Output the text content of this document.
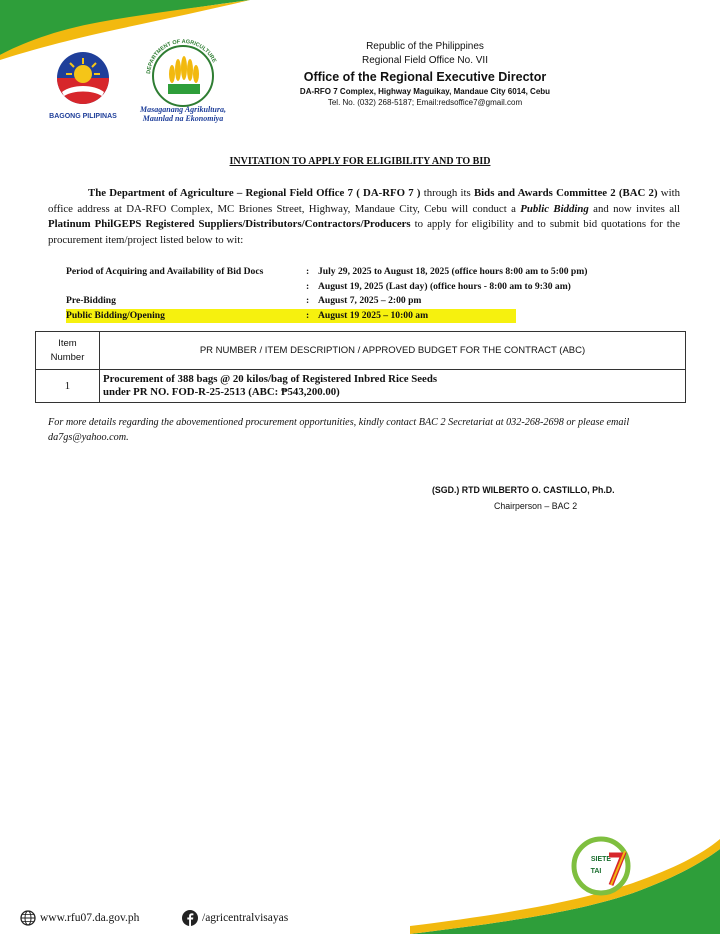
BAGONG PILIPINAS
DEPARTMENT OF AGRICULTURE
Masaganang Agrikultura,
Maunlad na Ekonomiya
Republic of the Philippines
Regional Field Office No. VII
Office of the Regional Executive Director
DA-RFO 7 Complex, Highway Maguikay, Mandaue City 6014, Cebu
Tel. No. (032) 268-5187; Email:redsoffice7@gmail.com
INVITATION TO APPLY FOR ELIGIBILITY AND TO BID
The Department of Agriculture – Regional Field Office 7 ( DA-RFO 7 ) through its Bids and Awards Committee 2 (BAC 2) with office address at DA-RFO Complex, MC Briones Street, Highway, Mandaue City, Cebu will conduct a Public Bidding and now invites all Platinum PhilGEPS Registered Suppliers/Distributors/Contractors/Producers to apply for eligibility and to submit bid quotations for the procurement item/project listed below to wit:
Period of Acquiring and Availability of Bid Docs	: July 29, 2025 to August 18, 2025 (office hours 8:00 am to 5:00 pm)
: August 19, 2025 (Last day) (office hours - 8:00 am to 9:30 am)
Pre-Bidding	: August 7, 2025 – 2:00 pm
Public Bidding/Opening	: August 19 2025 – 10:00 am
Item
Number	PR NUMBER / ITEM DESCRIPTION / APPROVED BUDGET FOR THE CONTRACT (ABC)
1	Procurement of 388 bags @ 20 kilos/bag of Registered Inbred Rice Seeds
under PR NO. FOD-R-25-2513 (ABC: ₱543,200.00)
For more details regarding the abovementioned procurement opportunities, kindly contact BAC 2 Secretariat at 032-268-2698 or please email da7gs@yahoo.com.
(SGD.) RTD WILBERTO O. CASTILLO, Ph.D.
Chairperson – BAC 2
SIETE
TAI
www.rfu07.da.gov.ph	/agricentralvisayas
